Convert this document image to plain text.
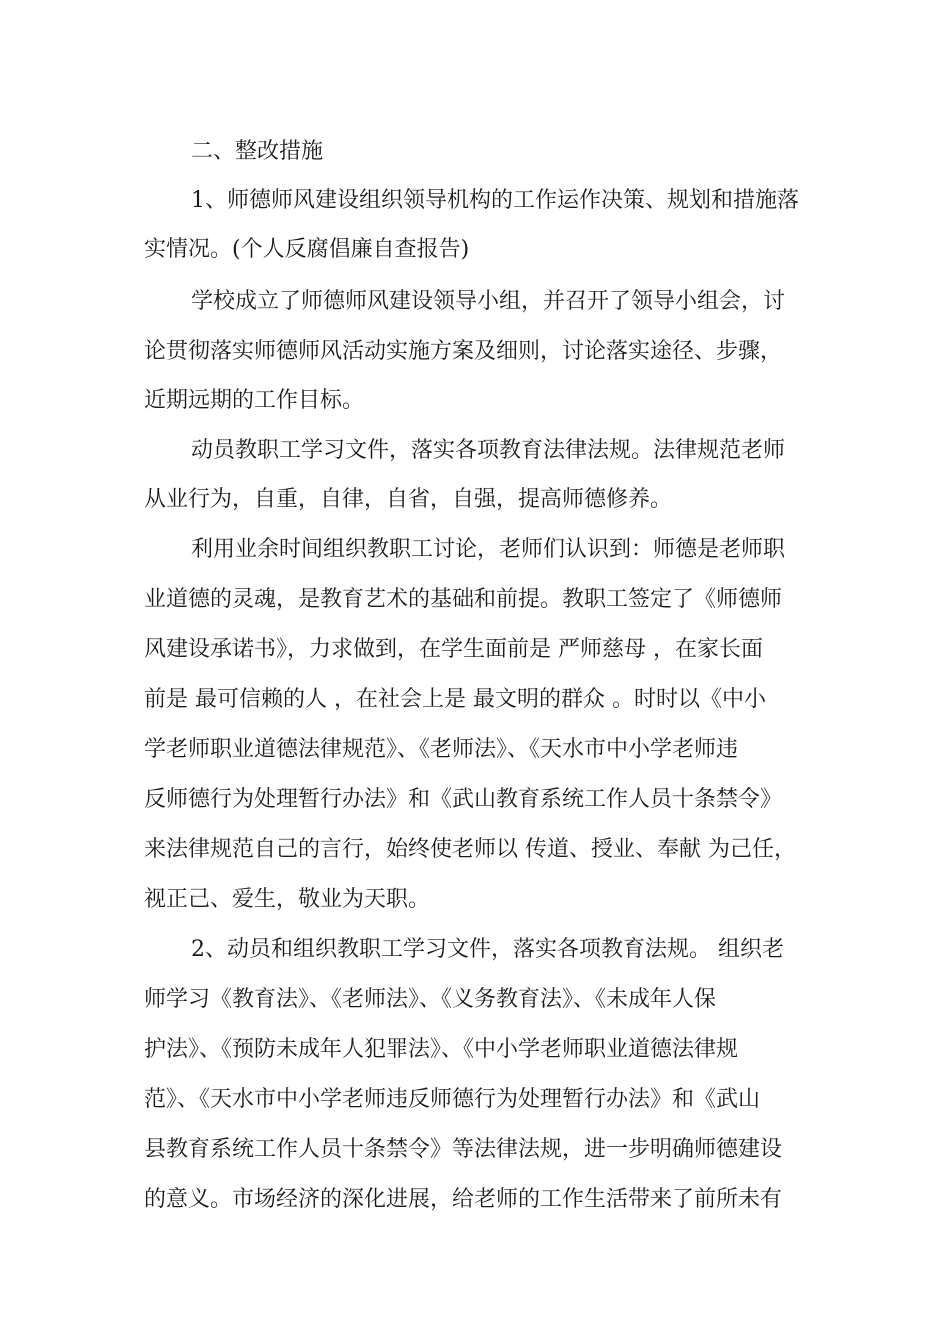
二、整改措施
1、师德师风建设组织领导机构的工作运作决策、规划和措施落
实情况。(个人反腐倡廉自查报告)
学校成立了师德师风建设领导小组，并召开了领导小组会，讨
论贯彻落实师德师风活动实施方案及细则，讨论落实途径、步骤，
近期远期的工作目标。
动员教职工学习文件，落实各项教育法律法规。法律规范老师
从业行为，自重，自律，自省，自强，提高师德修养。
利用业余时间组织教职工讨论，老师们认识到：师德是老师职
业道德的灵魂，是教育艺术的基础和前提。教职工签定了《师德师
风建设承诺书》，力求做到，在学生面前是 严师慈母 ，在家长面
前是 最可信赖的人 ，在社会上是 最文明的群众 。时时以《中小
学老师职业道德法律规范》、《老师法》、《天水市中小学老师违
反师德行为处理暂行办法》和《武山教育系统工作人员十条禁令》
来法律规范自己的言行，始终使老师以 传道、授业、奉献 为己任，
视正己、爱生，敬业为天职。
2、动员和组织教职工学习文件，落实各项教育法规。 组织老
师学习《教育法》、《老师法》、《义务教育法》、《未成年人保
护法》、《预防未成年人犯罪法》、《中小学老师职业道德法律规
范》、《天水市中小学老师违反师德行为处理暂行办法》和《武山
县教育系统工作人员十条禁令》等法律法规，进一步明确师德建设
的意义。市场经济的深化进展，给老师的工作生活带来了前所未有
